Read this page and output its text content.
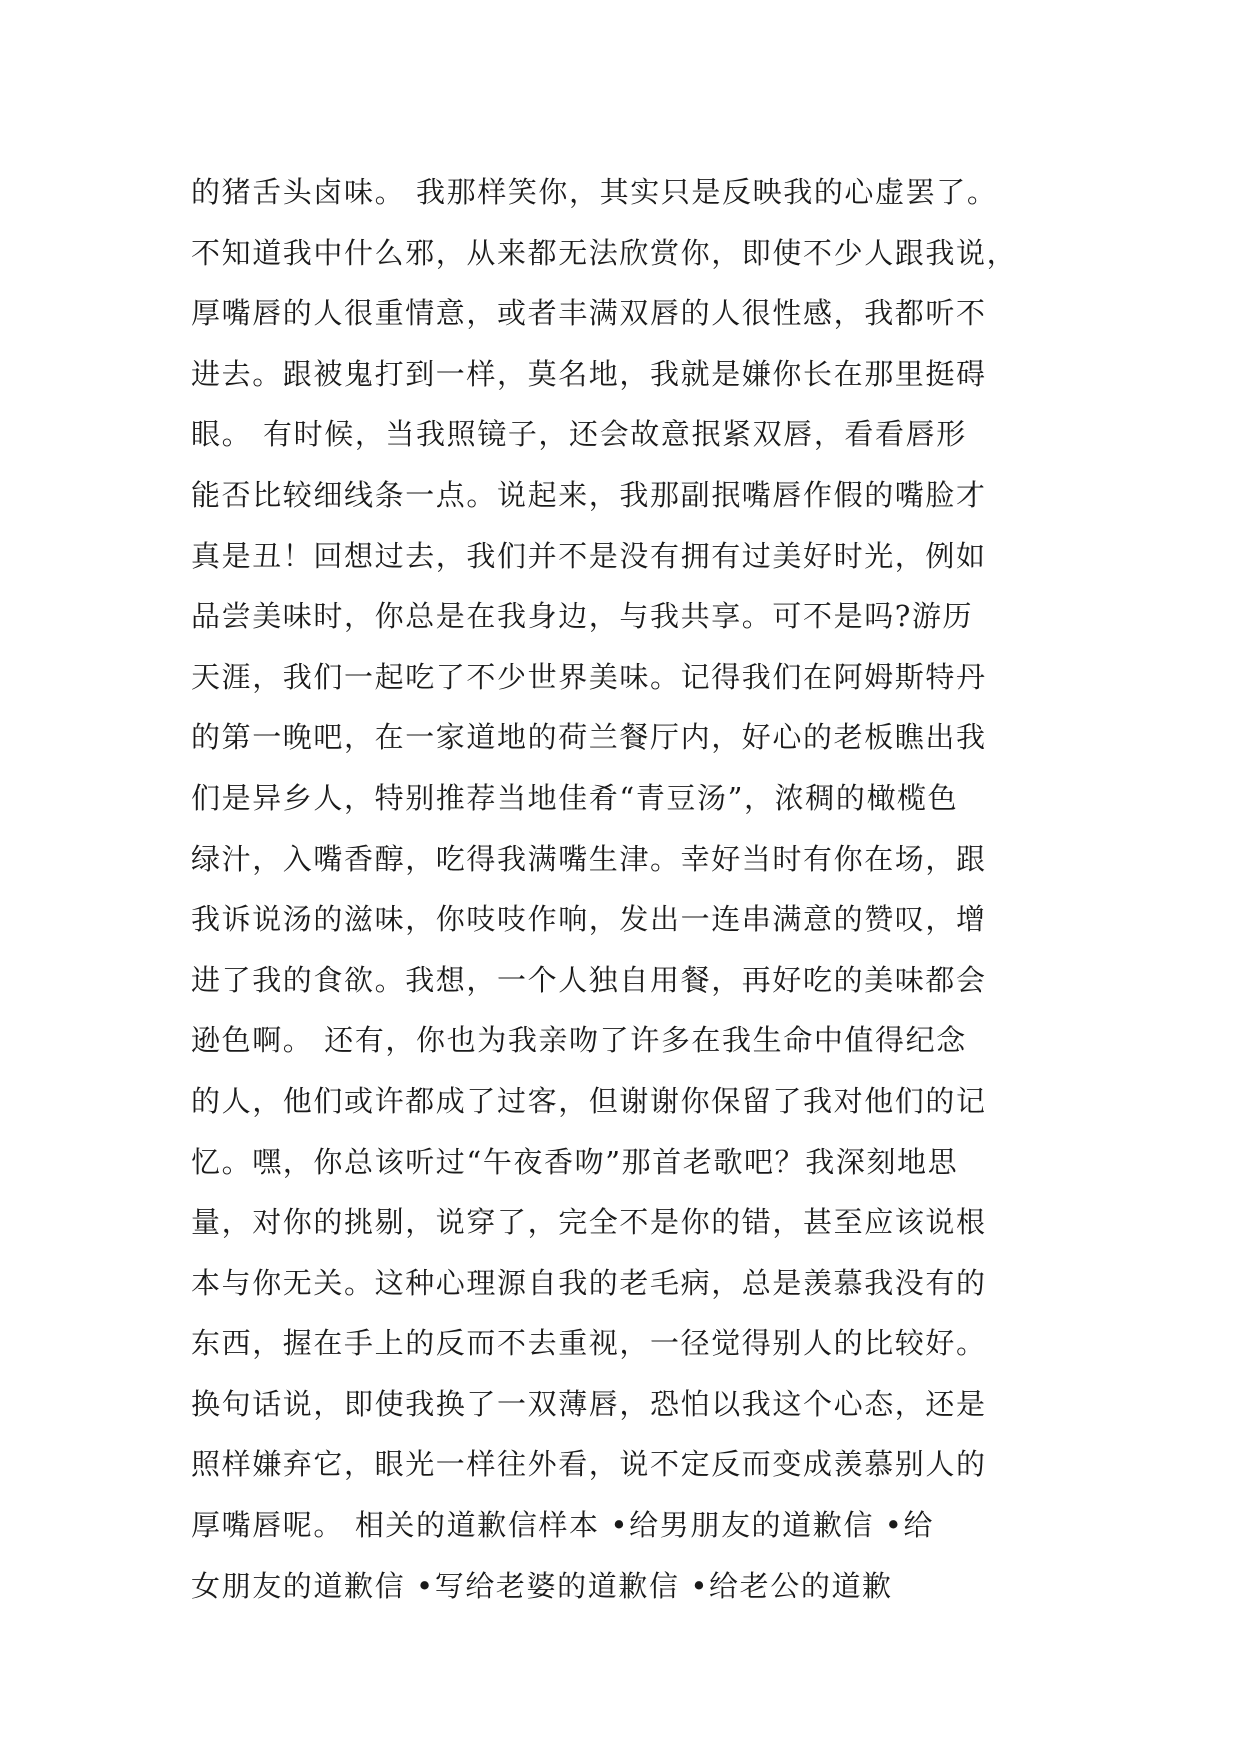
的猪舌头卤味。 我那样笑你，其实只是反映我的心虚罢了。
不知道我中什么邪，从来都无法欣赏你，即使不少人跟我说，
厚嘴唇的人很重情意，或者丰满双唇的人很性感，我都听不
进去。跟被鬼打到一样，莫名地，我就是嫌你长在那里挺碍
眼。 有时候，当我照镜子，还会故意抿紧双唇，看看唇形
能否比较细线条一点。说起来，我那副抿嘴唇作假的嘴脸才
真是丑！回想过去，我们并不是没有拥有过美好时光，例如
品尝美味时，你总是在我身边，与我共享。可不是吗?游历
天涯，我们一起吃了不少世界美味。记得我们在阿姆斯特丹
的第一晚吧，在一家道地的荷兰餐厅内，好心的老板瞧出我
们是异乡人，特别推荐当地佳肴“青豆汤”，浓稠的橄榄色
绿汁，入嘴香醇，吃得我满嘴生津。幸好当时有你在场，跟
我诉说汤的滋味，你吱吱作响，发出一连串满意的赞叹，增
进了我的食欲。我想，一个人独自用餐，再好吃的美味都会
逊色啊。 还有，你也为我亲吻了许多在我生命中值得纪念
的人，他们或许都成了过客，但谢谢你保留了我对他们的记
忆。嘿，你总该听过“午夜香吻”那首老歌吧？我深刻地思
量，对你的挑剔，说穿了，完全不是你的错，甚至应该说根
本与你无关。这种心理源自我的老毛病，总是羡慕我没有的
东西，握在手上的反而不去重视，一径觉得别人的比较好。
换句话说，即使我换了一双薄唇，恐怕以我这个心态，还是
照样嫌弃它，眼光一样往外看，说不定反而变成羡慕别人的
厚嘴唇呢。 相关的道歉信样本 •给男朋友的道歉信 •给
女朋友的道歉信 •写给老婆的道歉信 •给老公的道歉
